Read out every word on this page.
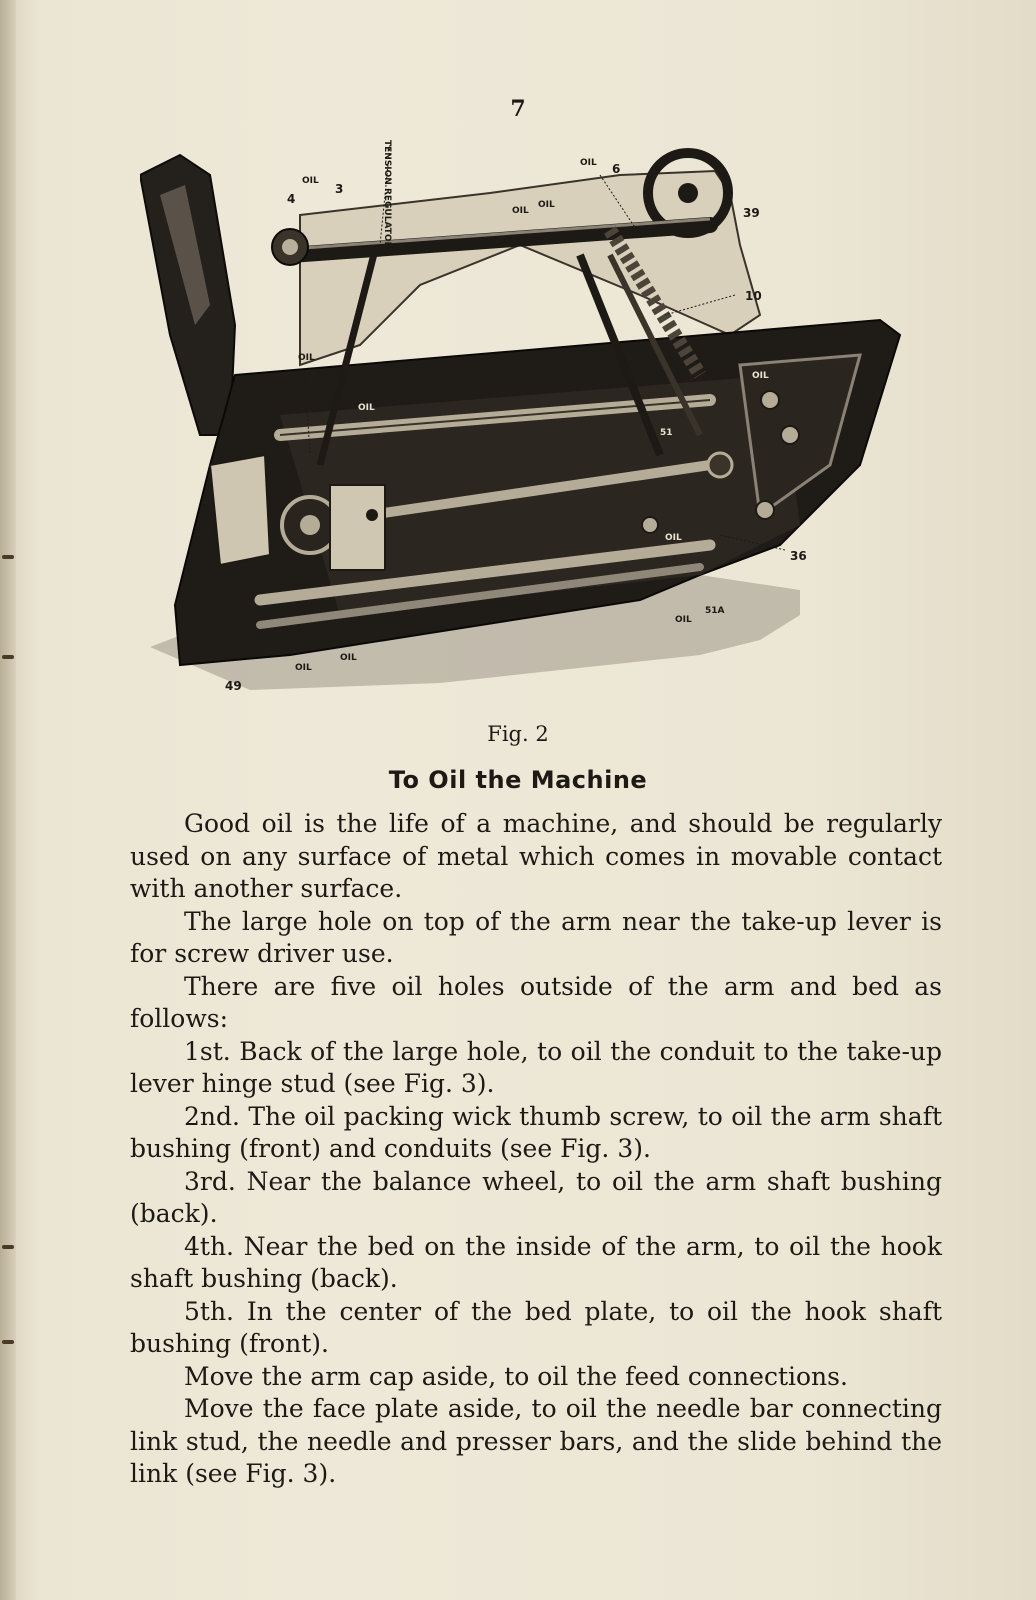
7
TENSION REGULATOR
4
OIL
3
OIL 6
OIL
OIL
39
10
OIL
OIL
OIL
51
OIL
36
OIL
51A
OIL
OIL
49
Fig. 2
To Oil the Machine

Good oil is the life of a machine, and should be regularly used on any surface of metal which comes in movable contact with another surface.

The large hole on top of the arm near the take-up lever is for screw driver use.

There are five oil holes outside of the arm and bed as follows:

1st. Back of the large hole, to oil the conduit to the take-up lever hinge stud (see Fig. 3).

2nd. The oil packing wick thumb screw, to oil the arm shaft bushing (front) and conduits (see Fig. 3).

3rd. Near the balance wheel, to oil the arm shaft bushing (back).

4th. Near the bed on the inside of the arm, to oil the hook shaft bushing (back).

5th. In the center of the bed plate, to oil the hook shaft bushing (front).

Move the arm cap aside, to oil the feed connections.

Move the face plate aside, to oil the needle bar connecting link stud, the needle and presser bars, and the slide behind the link (see Fig. 3).
